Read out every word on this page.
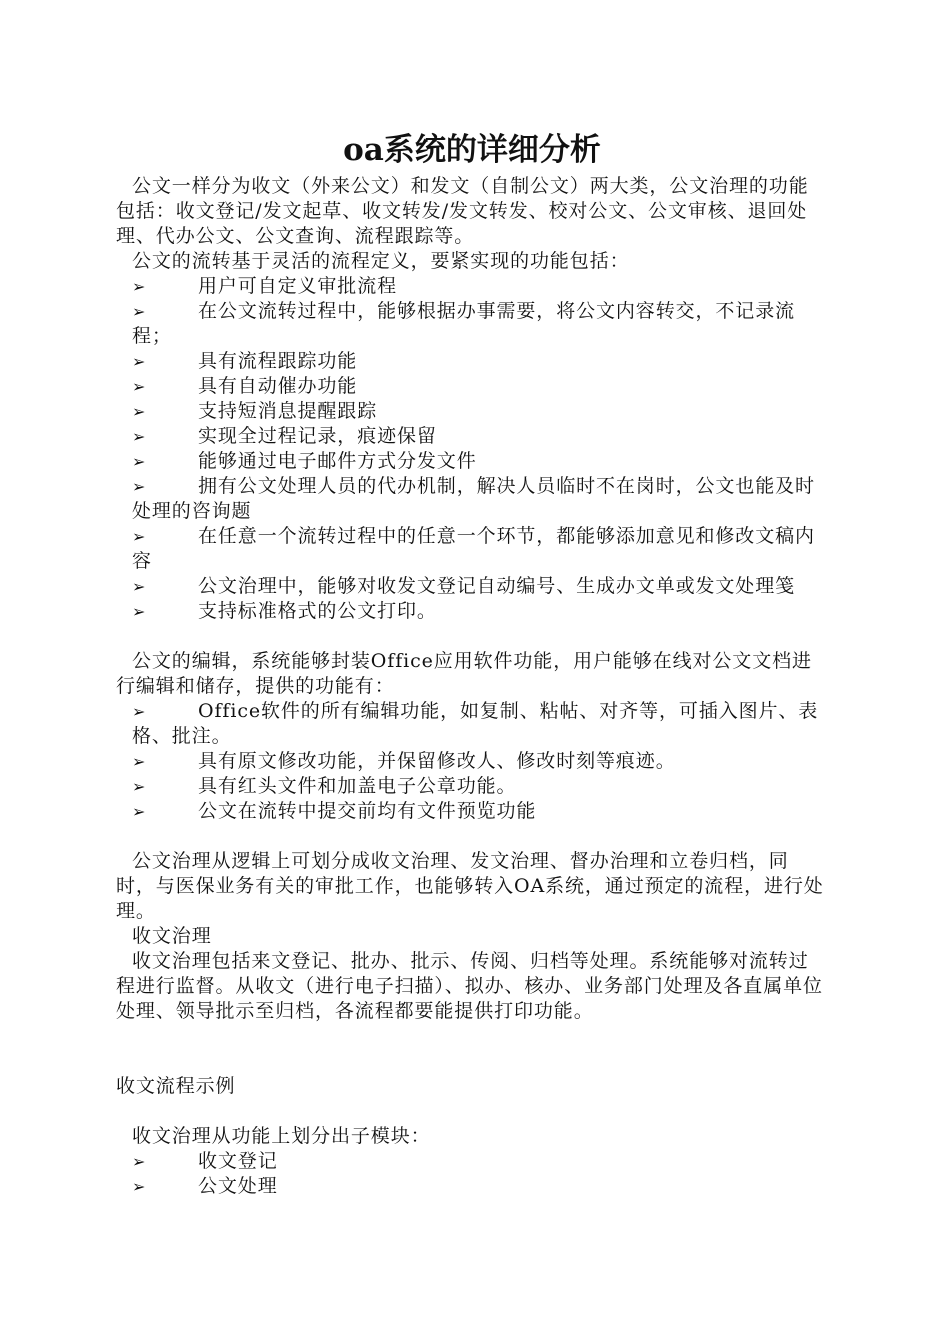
oa系统的详细分析

公文一样分为收文（外来公文）和发文（自制公文）两大类，公文治理的功能包括：收文登记/发文起草、收文转发/发文转发、校对公文、公文审核、退回处理、代办公文、公文查询、流程跟踪等。

公文的流转基于灵活的流程定义，要紧实现的功能包括：

➢	用户可自定义审批流程
➢	在公文流转过程中，能够根据办事需要，将公文内容转交，不记录流程；
➢	具有流程跟踪功能
➢	具有自动催办功能
➢	支持短消息提醒跟踪
➢	实现全过程记录，痕迹保留
➢	能够通过电子邮件方式分发文件
➢	拥有公文处理人员的代办机制，解决人员临时不在岗时，公文也能及时处理的咨询题
➢	在任意一个流转过程中的任意一个环节，都能够添加意见和修改文稿内容
➢	公文治理中，能够对收发文登记自动编号、生成办文单或发文处理笺
➢	支持标准格式的公文打印。

公文的编辑，系统能够封装Office应用软件功能，用户能够在线对公文文档进行编辑和储存，提供的功能有：

➢	Office软件的所有编辑功能，如复制、粘帖、对齐等，可插入图片、表格、批注。
➢	具有原文修改功能，并保留修改人、修改时刻等痕迹。
➢	具有红头文件和加盖电子公章功能。
➢	公文在流转中提交前均有文件预览功能

公文治理从逻辑上可划分成收文治理、发文治理、督办治理和立卷归档，同时，与医保业务有关的审批工作，也能够转入OA系统，通过预定的流程，进行处理。

收文治理

收文治理包括来文登记、批办、批示、传阅、归档等处理。系统能够对流转过程进行监督。从收文（进行电子扫描）、拟办、核办、业务部门处理及各直属单位处理、领导批示至归档，各流程都要能提供打印功能。

收文流程示例

收文治理从功能上划分出子模块：

➢	收文登记
➢	公文处理
